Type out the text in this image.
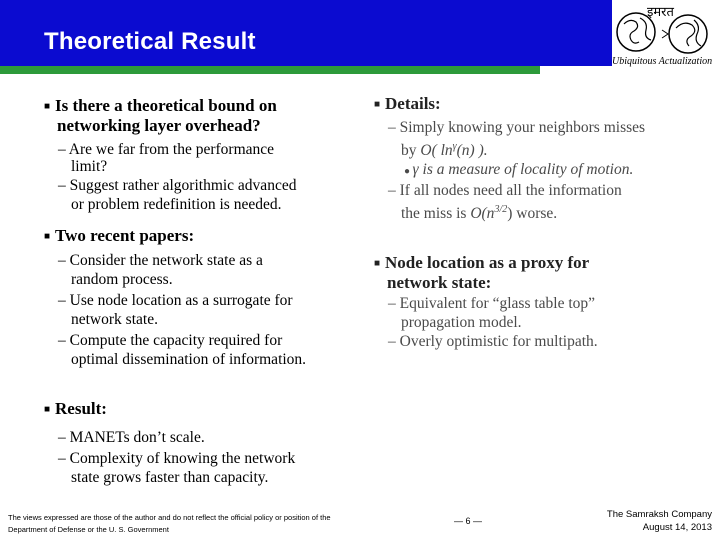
Theoretical Result
इमरत
Ubiquitous Actualization
■ Is there a theoretical bound on
networking layer overhead?
– Are we far from the performance
limit?
– Suggest rather algorithmic advanced
or problem redefinition is needed.
■ Two recent papers:
– Consider the network state as a
random process.
– Use node location as a surrogate for
network state.
– Compute the capacity required for
optimal dissemination of information.
■ Result:
– MANETs don’t scale.
– Complexity of knowing the network
state grows faster than capacity.
■ Details:
– Simply knowing your neighbors misses
by O( $\ln^\gamma(n)$ ).
● γ is a measure of locality of motion.
– If all nodes need all the information
the miss is $O(n^{3/2})$ worse.
■ Node location as a proxy for
network state:
– Equivalent for “glass table top”
propagation model.
– Overly optimistic for multipath.
The views expressed are those of the author and do not reflect the official policy or position of the
Department of Defense or the U. S. Government
— 6 —
The Samraksh Company
August 14, 2013
